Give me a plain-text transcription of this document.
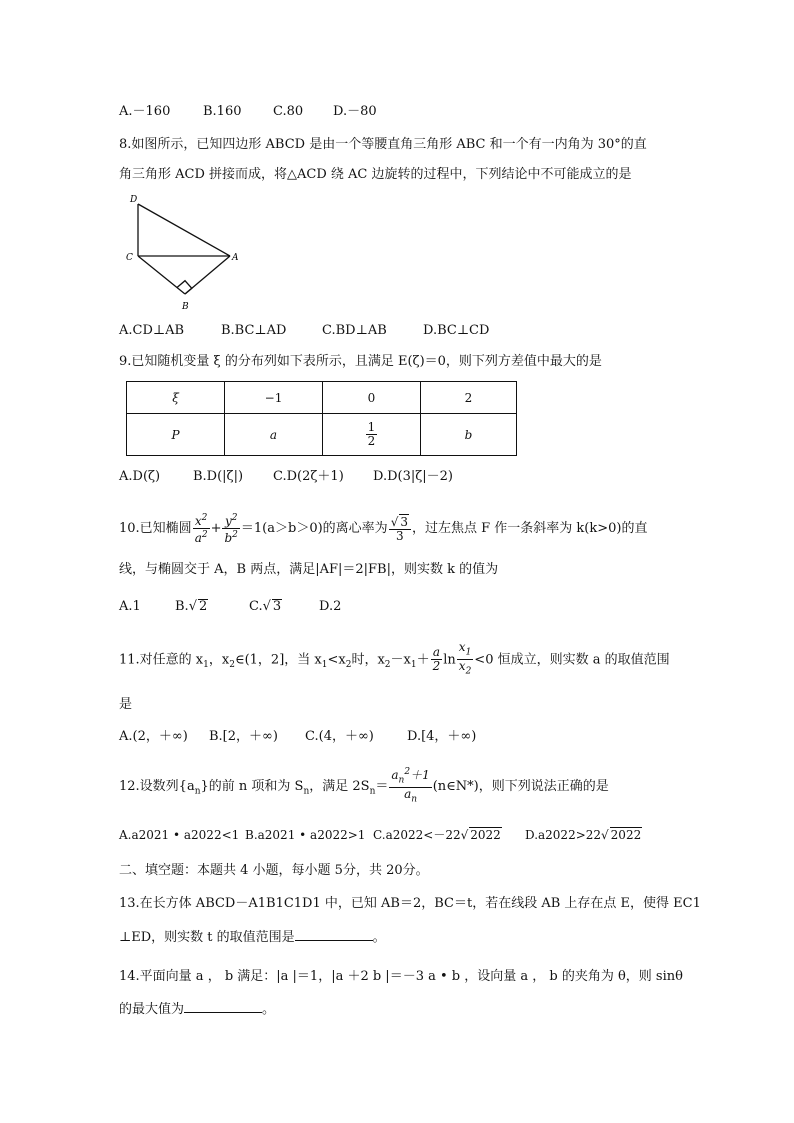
A.－160	B.160 C.80 D.－80
8.如图所示，已知四边形 ABCD 是由一个等腰直角三角形 ABC 和一个有一内角为 30°的直
角三角形 ACD 拼接而成，将△ACD 绕 AC 边旋转的过程中，下列结论中不可能成立的是
D
C	A
B
A.CD⊥AB	B.BC⊥AD	C.BD⊥AB	D.BC⊥CD
9.已知随机变量 ξ 的分布列如下表所示，且满足 E(ζ)＝0，则下列方差值中最大的是
ξ	−1	0	2
P	a	$\frac{1}{2}$	b
A.D(ζ)	B.D(|ζ|) C.D(2ζ＋1) D.D(3|ζ|－2)
10.已知椭圆 $\frac{x^2}{a^2} + \frac{y^2}{b^2} =1(a>b>0)$的离心率为 $\frac{√ 3}{3}$ ，过左焦点 F 作一条斜率为 k(k>0)的直
线，与椭圆交于 A，B 两点，满足|AF|＝2|FB|，则实数 k 的值为
A.1	B.√ 2	C.√ 3	D.2
11.对任意的 $x_1$，$x_2\in(1$，2]，当 $x_1<x_2$时，$x_2-x_1+ \frac{a}{2}$ $\ln \frac{x_1}{x_2} <0$ 恒成立，则实数 a 的取值范围
是
A.(2，＋∞) B.[2，＋∞) C.(4，＋∞)	D.[4，＋∞)
12.设数列$\{a_n\}$的前 n 项和为 $S_n$，满足 $2S_n= \frac{a_n^2+1}{a_n}$ (n∈N*)，则下列说法正确的是
A.a2021 • a2022<1 B.a2021 • a2022>1 C.a2022<－22√ 2022 D.a2022>22√ 2022
二、填空题：本题共 4 小题，每小题 5分，共 20分。
13.在长方体 ABCD－A1B1C1D1 中，已知 AB＝2，BC＝t，若在线段 AB 上存在点 E，使得 EC1
⊥ED，则实数 t 的取值范围是	。
14.平面向量 a ， b 满足：|a |＝1，|a ＋2 b |＝－3 a • b ，设向量 a ， b 的夹角为 θ，则 sinθ
的最大值为	。
